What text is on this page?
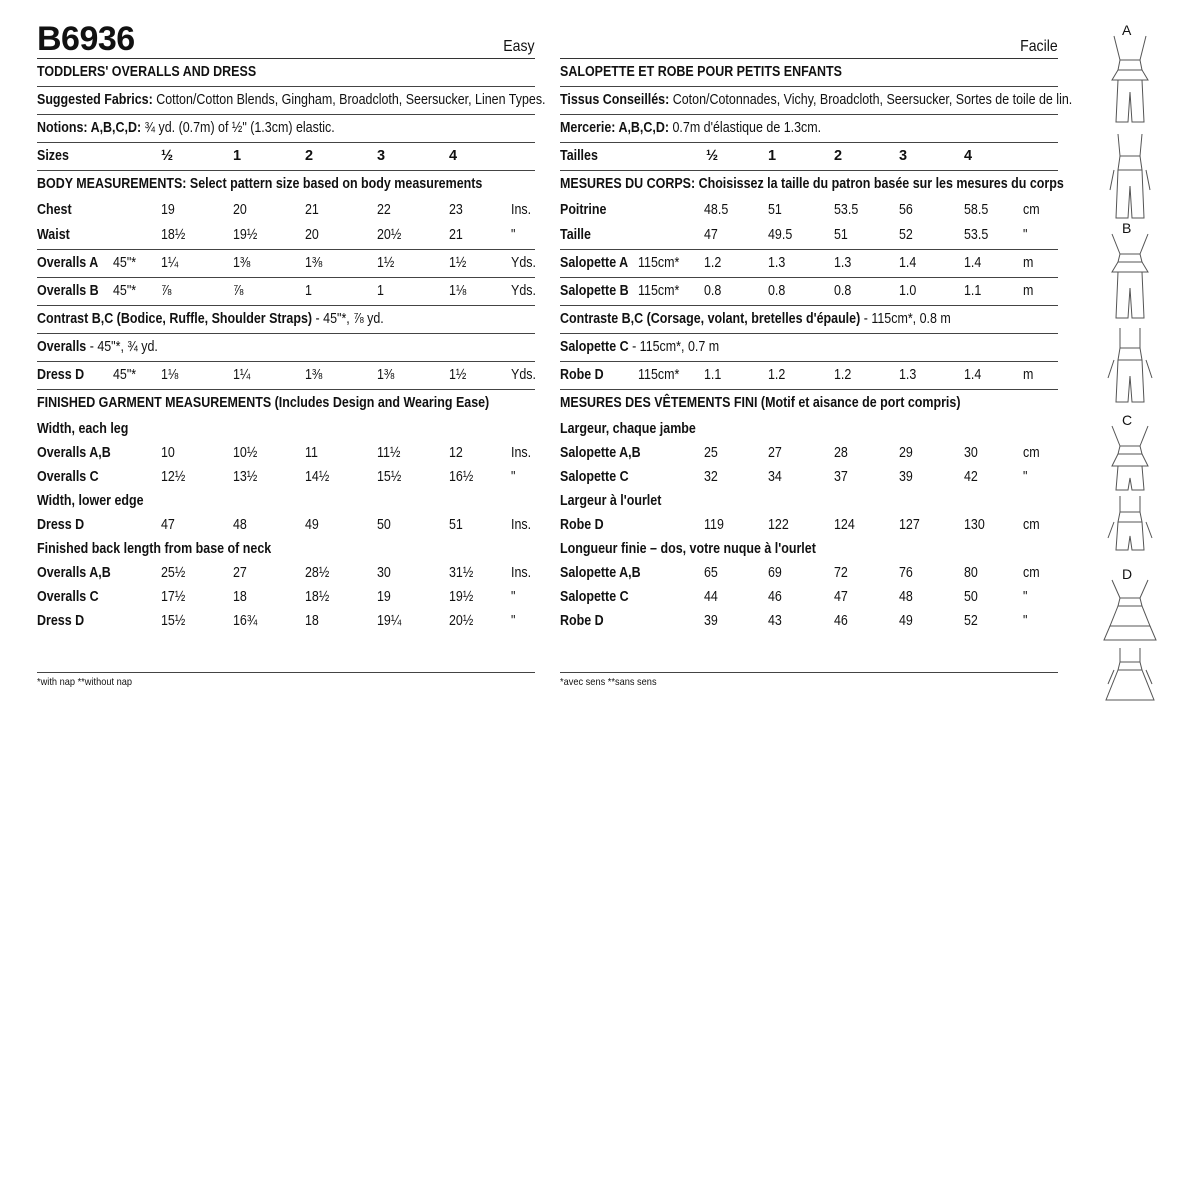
B6936	Easy
TODDLERS' OVERALLS AND DRESS
Suggested Fabrics: Cotton/Cotton Blends, Gingham, Broadcloth, Seersucker, Linen Types.
Notions: A,B,C,D: ¾ yd. (0.7m) of ½" (1.3cm) elastic.
Sizes	½	1	2	3	4
BODY MEASUREMENTS: Select pattern size based on body measurements
Chest	19	20	21	22	23	Ins.
Waist	18½	19½	20	20½	21	"
Overalls A 45"* 1¼	1⅜	1⅜	1½	1½	Yds.
Overalls B 45"* ⅞	⅞	1	1	1⅛	Yds.
Contrast B,C (Bodice, Ruffle, Shoulder Straps) - 45"*, ⅞ yd.
Overalls - 45"*, ¾ yd.
Dress D 45"* 1⅛	1¼	1⅜	1⅜	1½	Yds.
FINISHED GARMENT MEASUREMENTS (Includes Design and Wearing Ease)
Width, each leg
Overalls A,B	10	10½	11	11½	12	Ins.
Overalls C	12½	13½	14½	15½	16½	"
Width, lower edge
Dress D	47	48	49	50	51	Ins.
Finished back length from base of neck
Overalls A,B	25½	27	28½	30	31½	Ins.
Overalls C	17½	18	18½	19	19½	"
Dress D	15½	16¾	18	19¼	20½	"
Facile
SALOPETTE ET ROBE POUR PETITS ENFANTS
Tissus Conseillés: Coton/Cotonnades, Vichy, Broadcloth, Seersucker, Sortes de toile de lin.
Mercerie: A,B,C,D: 0.7m d'élastique de 1.3cm.
Tailles	½	1	2	3	4
MESURES DU CORPS: Choisissez la taille du patron basée sur les mesures du corps
Poitrine	48.5	51	53.5	56	58.5 cm
Taille	47	49.5	51	52	53.5 "
Salopette A 115cm* 1.2	1.3	1.3	1.4	1.4	m
Salopette B 115cm* 0.8	0.8	0.8	1.0	1.1	m
Contraste B,C (Corsage, volant, bretelles d'épaule) - 115cm*, 0.8 m
Salopette C - 115cm*, 0.7 m
Robe D 115cm* 1.1	1.2	1.2	1.3	1.4	m
MESURES DES VÊTEMENTS FINI (Motif et aisance de port compris)
Largeur, chaque jambe
Salopette A,B	25	27	28	29	30	cm
Salopette C	32	34	37	39	42	"
Largeur à l'ourlet
Robe D	119	122	124	127	130	cm
Longueur finie – dos, votre nuque à l'ourlet
Salopette A,B	65	69	72	76	80	cm
Salopette C	44	46	47	48	50	"
Robe D	39	43	46	49	52	"
*with nap **without nap	*avec sens **sans sens
A
B
C
D
